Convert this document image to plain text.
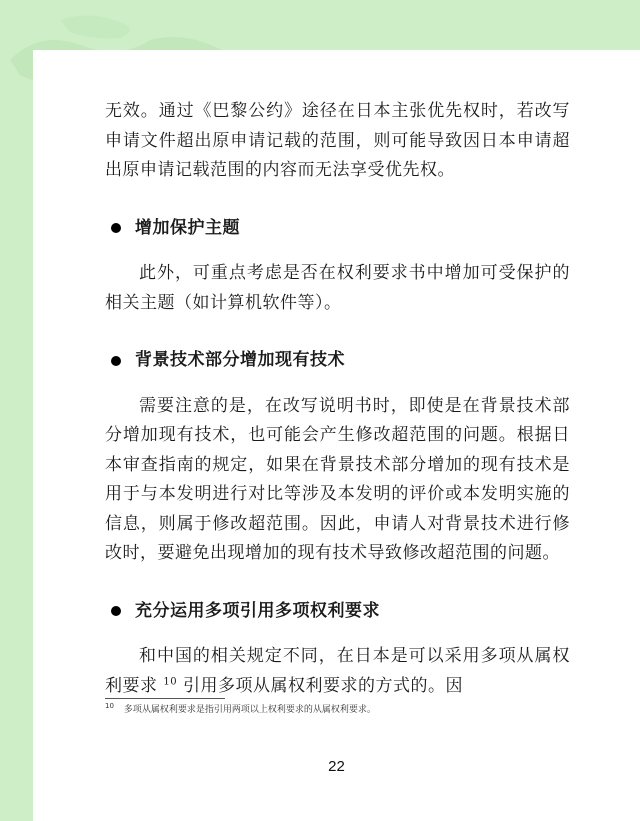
无效。通过《巴黎公约》途径在日本主张优先权时，若改写申请文件超出原申请记载的范围，则可能导致因日本申请超出原申请记载范围的内容而无法享受优先权。

增加保护主题

此外，可重点考虑是否在权利要求书中增加可受保护的相关主题（如计算机软件等）。

背景技术部分增加现有技术

需要注意的是，在改写说明书时，即使是在背景技术部分增加现有技术，也可能会产生修改超范围的问题。根据日本审查指南的规定，如果在背景技术部分增加的现有技术是用于与本发明进行对比等涉及本发明的评价或本发明实施的信息，则属于修改超范围。因此，申请人对背景技术进行修改时，要避免出现增加的现有技术导致修改超范围的问题。

充分运用多项引用多项权利要求

和中国的相关规定不同，在日本是可以采用多项从属权利要求 $^{10}$ 引用多项从属权利要求的方式的。因

$^{10}$ 多项从属权利要求是指引用两项以上权利要求的从属权利要求。
22
